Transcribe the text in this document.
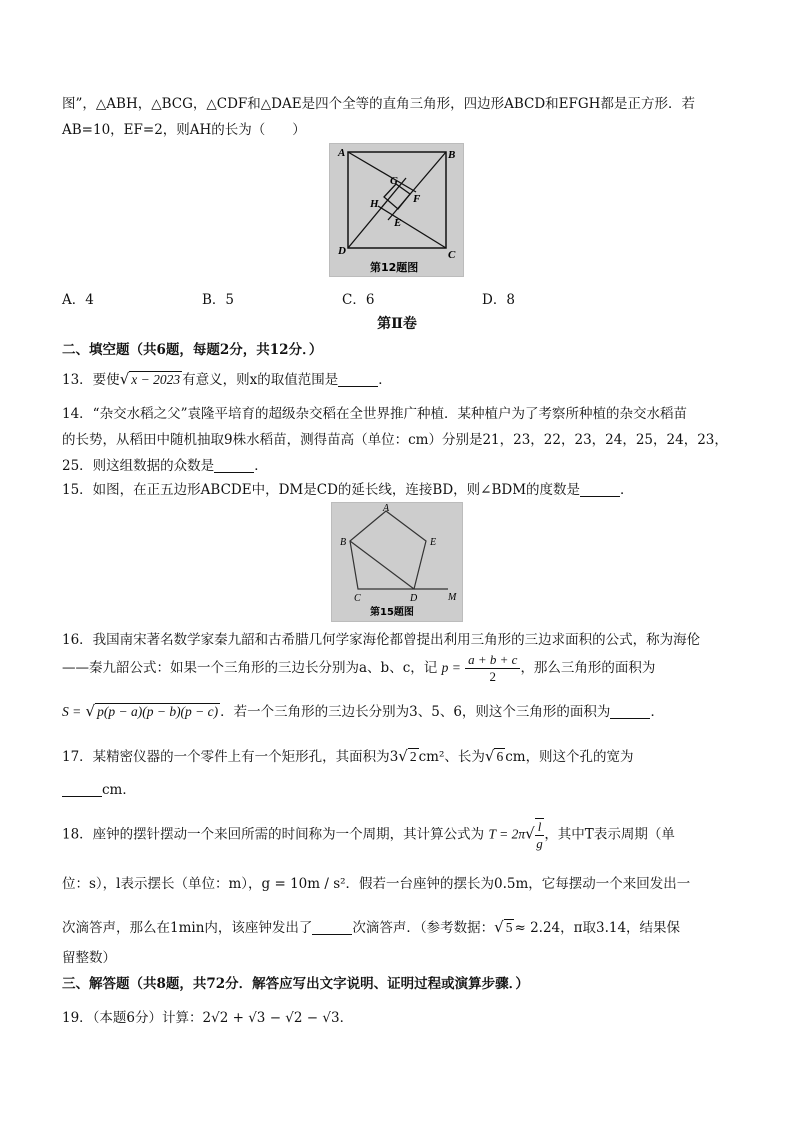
图”，△ABH，△BCG，△CDF和△DAE是四个全等的直角三角形，四边形ABCD和EFGH都是正方形．若
AB=10，EF=2，则AH的长为（　　）
A	B
C
D
G
F
H
E
第12题图
A．4	B．5	C．6	D．8
第Ⅱ卷
二、填空题（共6题，每题2分，共12分．）
13．要使√ x − 2023 有意义，则x的取值范围是	．
14．“杂交水稻之父”袁隆平培育的超级杂交稻在全世界推广种植．某种植户为了考察所种植的杂交水稻苗
的长势，从稻田中随机抽取9株水稻苗，测得苗高（单位：cm）分别是21，23，22，23，24，25，24，23，
25．则这组数据的众数是	．
15．如图，在正五边形ABCDE中，DM是CD的延长线，连接BD，则∠BDM的度数是	．
A
B	E
C	D	M
第15题图
16．我国南宋著名数学家秦九韶和古希腊几何学家海伦都曾提出利用三角形的三边求面积的公式，称为海伦
——秦九韶公式：如果一个三角形的三边长分别为a、b、c，记 $p = \frac{a + b + c}{2}$ ，那么三角形的面积为
S = √ p(p − a)(p − b)(p − c) ．若一个三角形的三边长分别为3、5、6，则这个三角形的面积为	．
17．某精密仪器的一个零件上有一个矩形孔，其面积为3√ 2 cm²、长为√ 6 cm，则这个孔的宽为
cm．
18．座钟的摆针摆动一个来回所需的时间称为一个周期，其计算公式为 $T = 2\pi√ \frac{l}{g}$ ，其中T表示周期（单
位：s），l表示摆长（单位：m），g = 10m / s²．假若一台座钟的摆长为0.5m，它每摆动一个来回发出一
次滴答声，那么在1min内，该座钟发出了	次滴答声．（参考数据：√ 5 ≈ 2.24，π取3.14，结果保
留整数）
三、解答题（共8题，共72分．解答应写出文字说明、证明过程或演算步骤．）
19．（本题6分）计算：2√2 + √3 − √2 − √3．
